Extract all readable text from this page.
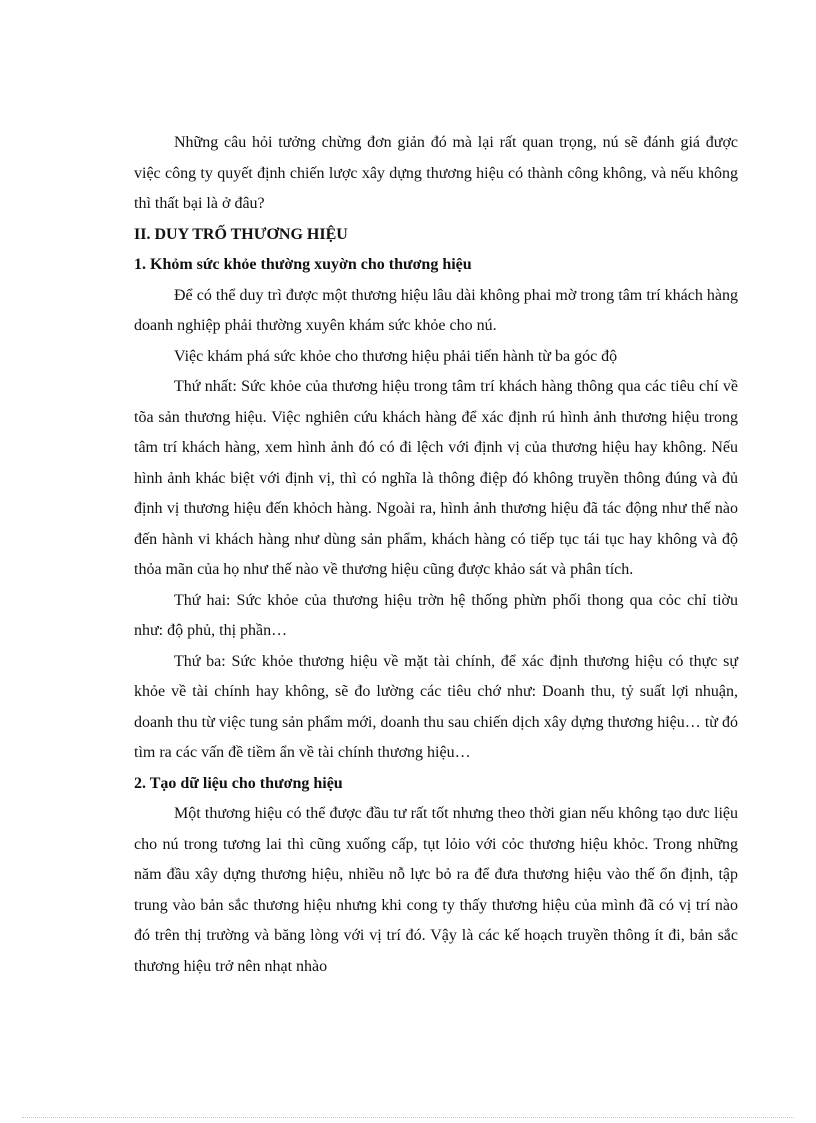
Những câu hỏi tưởng chừng đơn giản đó mà lại rất quan trọng, nú sẽ đánh giá được việc công ty quyết định chiến lược xây dựng thương hiệu có thành công không, và nếu không thì thất bại là ở đâu?

II. DUY TRỐ THƯƠNG HIỆU
1. Khỏm sức khỏe thường xuyờn cho thương hiệu

Để có thể duy trì được một thương hiệu lâu dài không phai mờ trong tâm trí khách hàng doanh nghiệp phải thường xuyên khám sức khỏe cho nú.

Việc khám phá sức khỏe cho thương hiệu phải tiến hành từ ba góc độ

Thứ nhất: Sức khỏe của thương hiệu trong tâm trí khách hàng thông qua các tiêu chí về tõa sản thương hiệu. Việc nghiên cứu khách hàng để xác định rú hình ảnh thương hiệu trong tâm trí khách hàng, xem hình ảnh đó có đi lệch với định vị của thương hiệu hay không. Nếu hình ảnh khác biệt với định vị, thì có nghĩa là thông điệp đó không truyền thông đúng và đủ định vị thương hiệu đến khỏch hàng. Ngoài ra, hình ảnh thương hiệu đã tác động như thế nào đến hành vi khách hàng như dùng sản phẩm, khách hàng có tiếp tục tái tục hay không và độ thỏa mãn của họ như thế nào về thương hiệu cũng được khảo sát và phân tích.

Thứ hai: Sức khỏe của thương hiệu trờn hệ thống phừn phối thong qua cỏc chỉ tiờu như: độ phủ, thị phần…

Thứ ba: Sức khỏe thương hiệu về mặt tài chính, để xác định thương hiệu có thực sự khỏe về tài chính hay không, sẽ đo lường các tiêu chớ như: Doanh thu, tỷ suất lợi nhuận, doanh thu từ việc tung sản phẩm mới, doanh thu sau chiến dịch xây dựng thương hiệu… từ đó tìm ra các vấn đề tiềm ẩn về tài chính thương hiệu…

2. Tạo dữ liệu cho thương hiệu

Một thương hiệu có thể được đầu tư rất tốt nhưng theo thời gian nếu không tạo dưc liệu cho nú trong tương lai thì cũng xuống cấp, tụt lỏio với cỏc thương hiệu khỏc. Trong những năm đầu xây dựng thương hiệu, nhiều nỗ lực bỏ ra để đưa thương hiệu vào thế ổn định, tập trung vào bản sắc thương hiệu nhưng khi cong ty thấy thương hiệu của mình đã có vị trí nào đó trên thị trường và băng lòng với vị trí đó. Vậy là các kế hoạch truyền thông ít đi, bản sắc thương hiệu trở nên nhạt nhào
